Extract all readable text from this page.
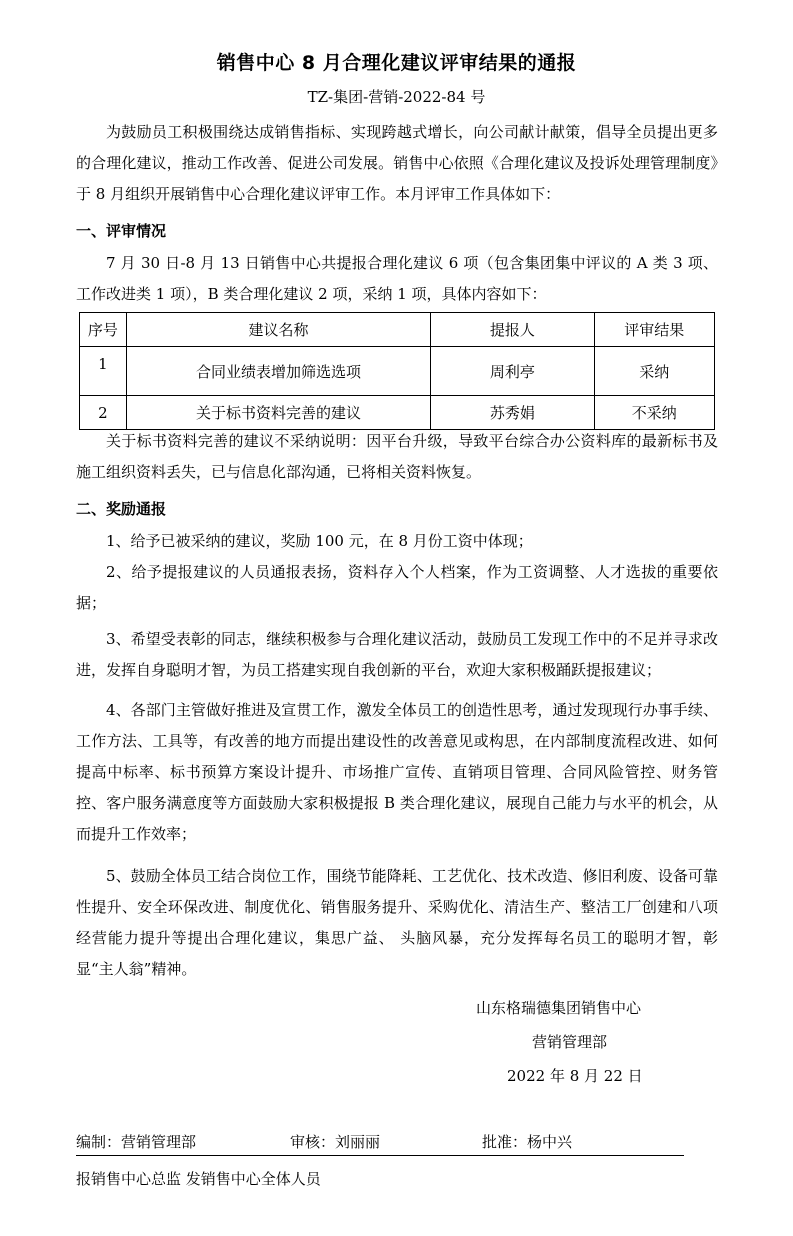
销售中心 8 月合理化建议评审结果的通报
TZ-集团-营销-2022-84 号

为鼓励员工积极围绕达成销售指标、实现跨越式增长，向公司献计献策，倡导全员提出更多的合理化建议，推动工作改善、促进公司发展。销售中心依照《合理化建议及投诉处理管理制度》于 8 月组织开展销售中心合理化建议评审工作。本月评审工作具体如下：

一、评审情况

7 月 30 日-8 月 13 日销售中心共提报合理化建议 6 项（包含集团集中评议的 A 类 3 项、工作改进类 1 项），B 类合理化建议 2 项，采纳 1 项，具体内容如下：

序号	建议名称	提报人	评审结果
1	合同业绩表增加筛选选项	周利亭	采纳
2	关于标书资料完善的建议	苏秀娟	不采纳

关于标书资料完善的建议不采纳说明：因平台升级，导致平台综合办公资料库的最新标书及施工组织资料丢失，已与信息化部沟通，已将相关资料恢复。

二、奖励通报

1、给予已被采纳的建议，奖励 100 元，在 8 月份工资中体现；

2、给予提报建议的人员通报表扬，资料存入个人档案，作为工资调整、人才选拔的重要依据；

3、希望受表彰的同志，继续积极参与合理化建议活动，鼓励员工发现工作中的不足并寻求改进，发挥自身聪明才智，为员工搭建实现自我创新的平台，欢迎大家积极踊跃提报建议；

4、各部门主管做好推进及宣贯工作，激发全体员工的创造性思考，通过发现现行办事手续、工作方法、工具等，有改善的地方而提出建设性的改善意见或构思，在内部制度流程改进、如何提高中标率、标书预算方案设计提升、市场推广宣传、直销项目管理、合同风险管控、财务管控、客户服务满意度等方面鼓励大家积极提报 B 类合理化建议，展现自己能力与水平的机会，从而提升工作效率；

5、鼓励全体员工结合岗位工作，围绕节能降耗、工艺优化、技术改造、修旧利废、设备可靠性提升、安全环保改进、制度优化、销售服务提升、采购优化、清洁生产、整洁工厂创建和八项经营能力提升等提出合理化建议，集思广益、 头脑风暴，充分发挥每名员工的聪明才智，彰显“主人翁”精神。

山东格瑞德集团销售中心
营销管理部
2022 年 8 月 22 日
编制：营销管理部	审核：刘丽丽	批准：杨中兴
报销售中心总监 发销售中心全体人员
